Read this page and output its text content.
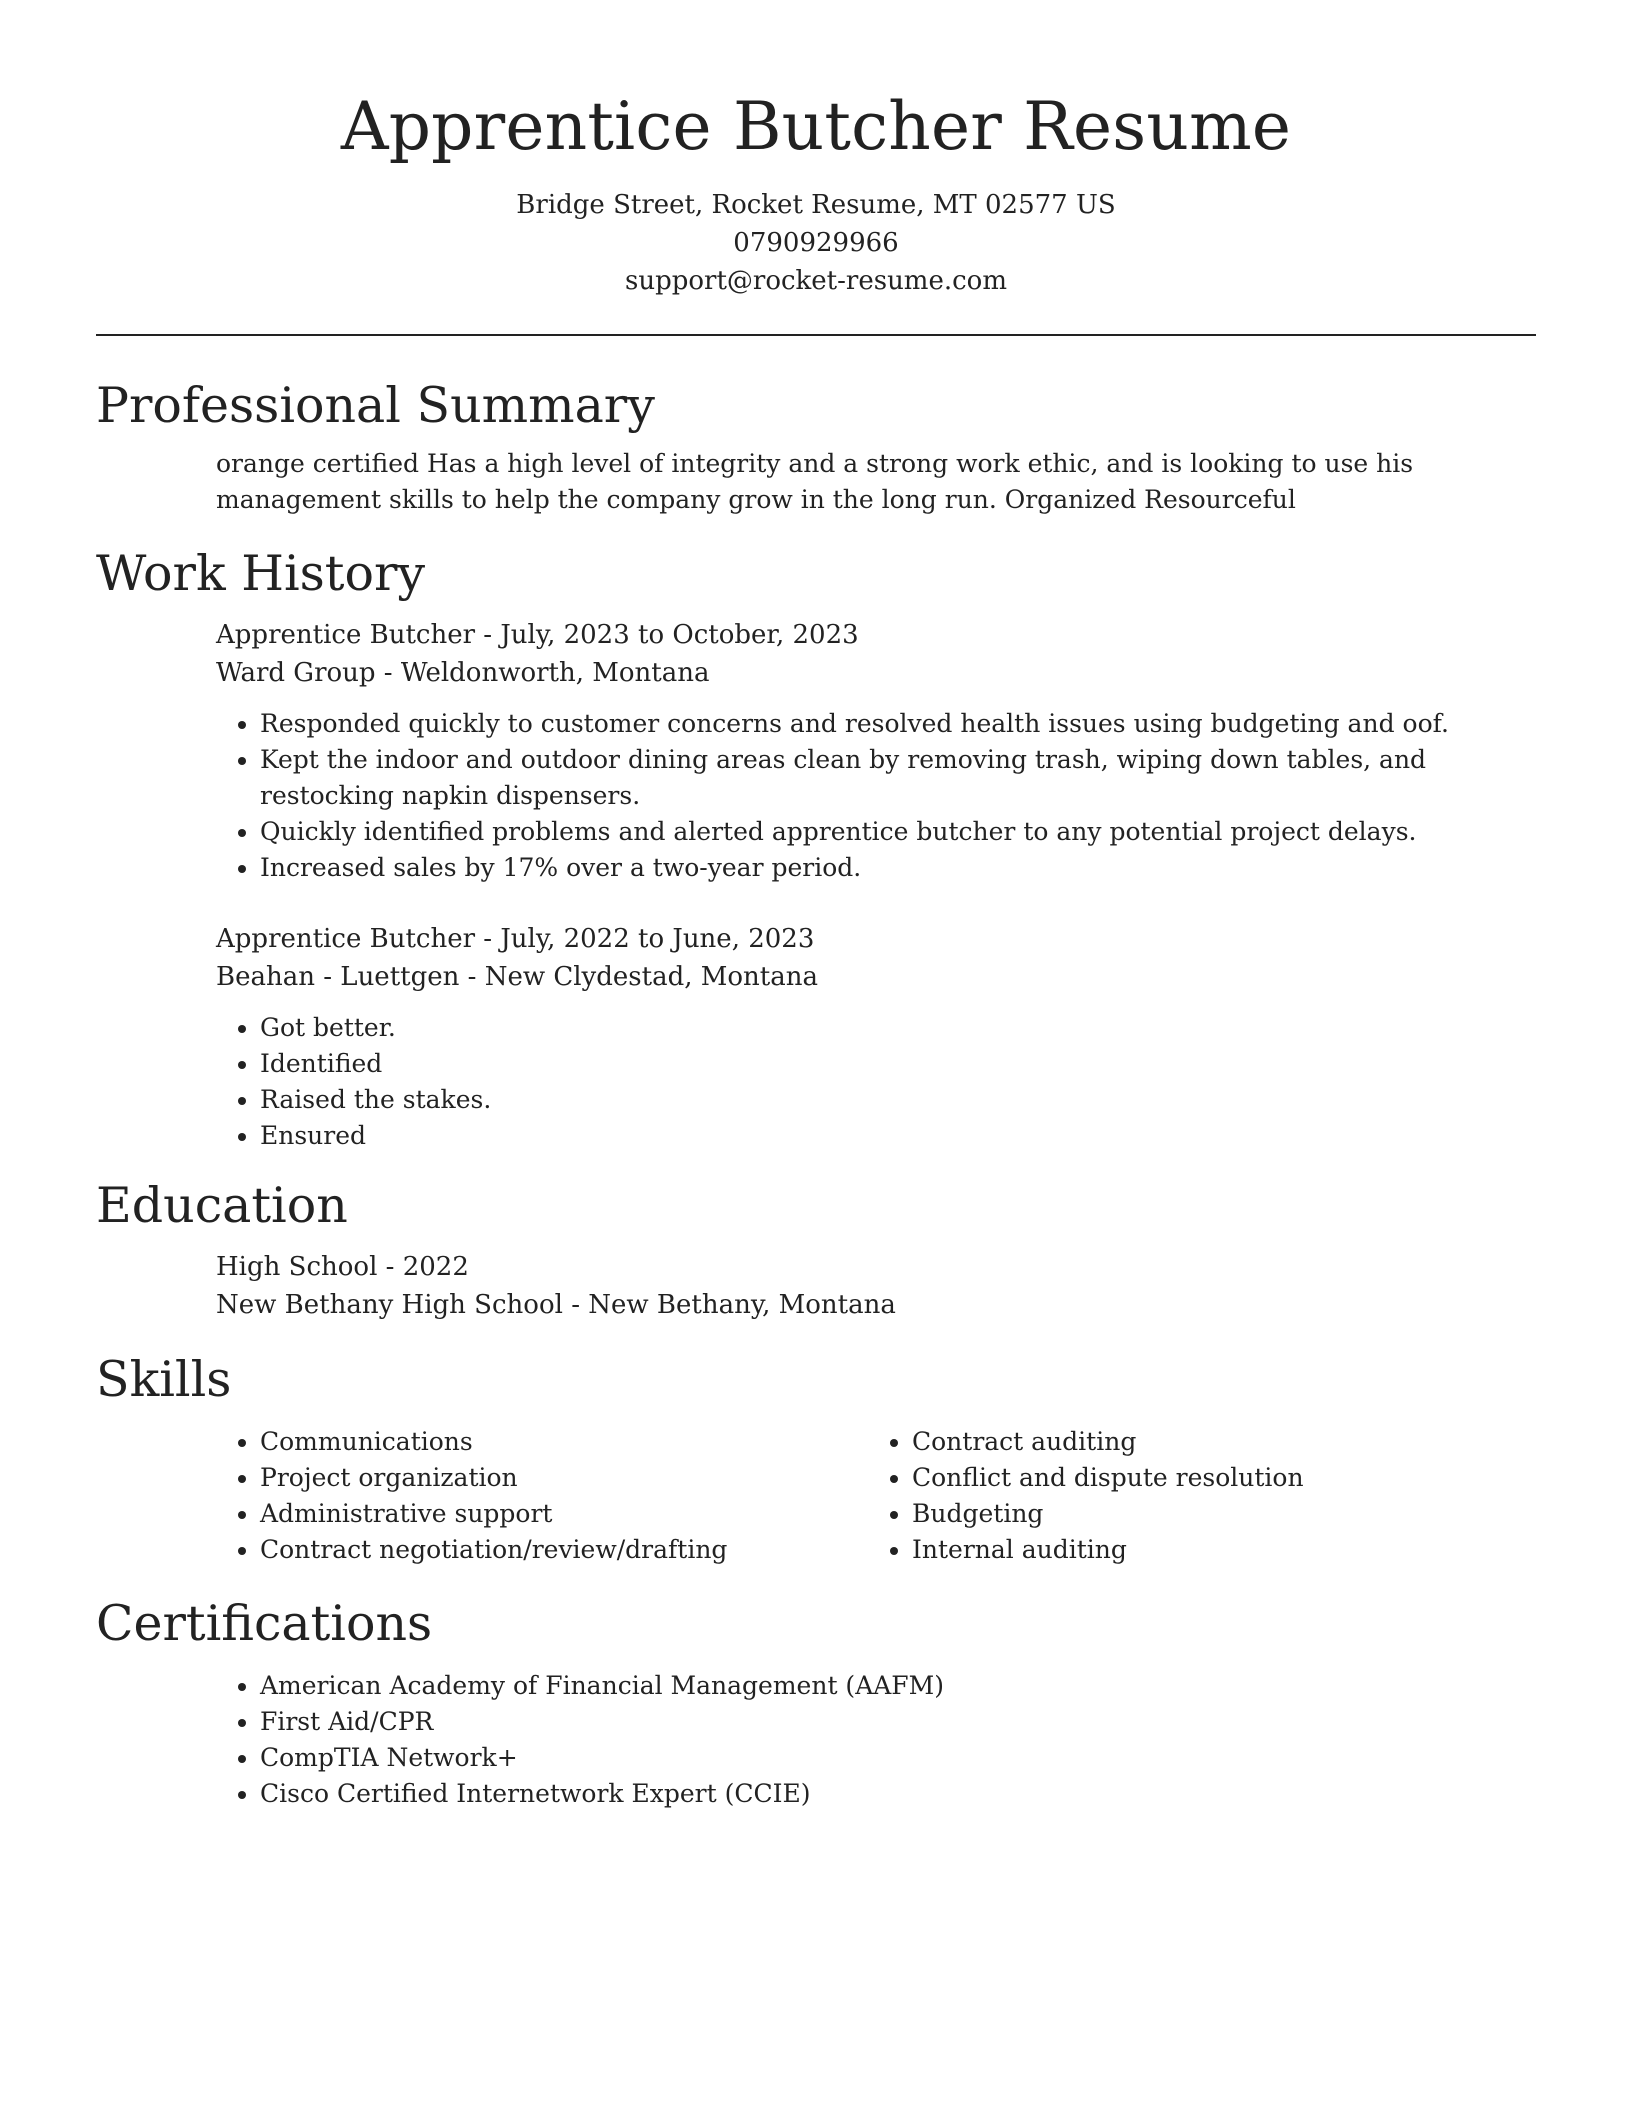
Apprentice Butcher Resume

Bridge Street, Rocket Resume, MT 02577 US

0790929966

support@rocket-resume.com

Professional Summary

orange certified Has a high level of integrity and a strong work ethic, and is looking to use his management skills to help the company grow in the long run. Organized Resourceful

Work History

Apprentice Butcher - July, 2023 to October, 2023

Ward Group - Weldonworth, Montana

• Responded quickly to customer concerns and resolved health issues using budgeting and oof.
• Kept the indoor and outdoor dining areas clean by removing trash, wiping down tables, and restocking napkin dispensers.
• Quickly identified problems and alerted apprentice butcher to any potential project delays.
• Increased sales by 17% over a two-year period.

Apprentice Butcher - July, 2022 to June, 2023

Beahan - Luettgen - New Clydestad, Montana

• Got better.
• Identified
• Raised the stakes.
• Ensured
Education

High School - 2022

New Bethany High School - New Bethany, Montana

Skills
• Communications
• Project organization
• Administrative support
• Contract negotiation/review/drafting
• Contract auditing
• Conflict and dispute resolution
• Budgeting
• Internal auditing
Certifications
• American Academy of Financial Management (AAFM)
• First Aid/CPR
• CompTIA Network+
• Cisco Certified Internetwork Expert (CCIE)
